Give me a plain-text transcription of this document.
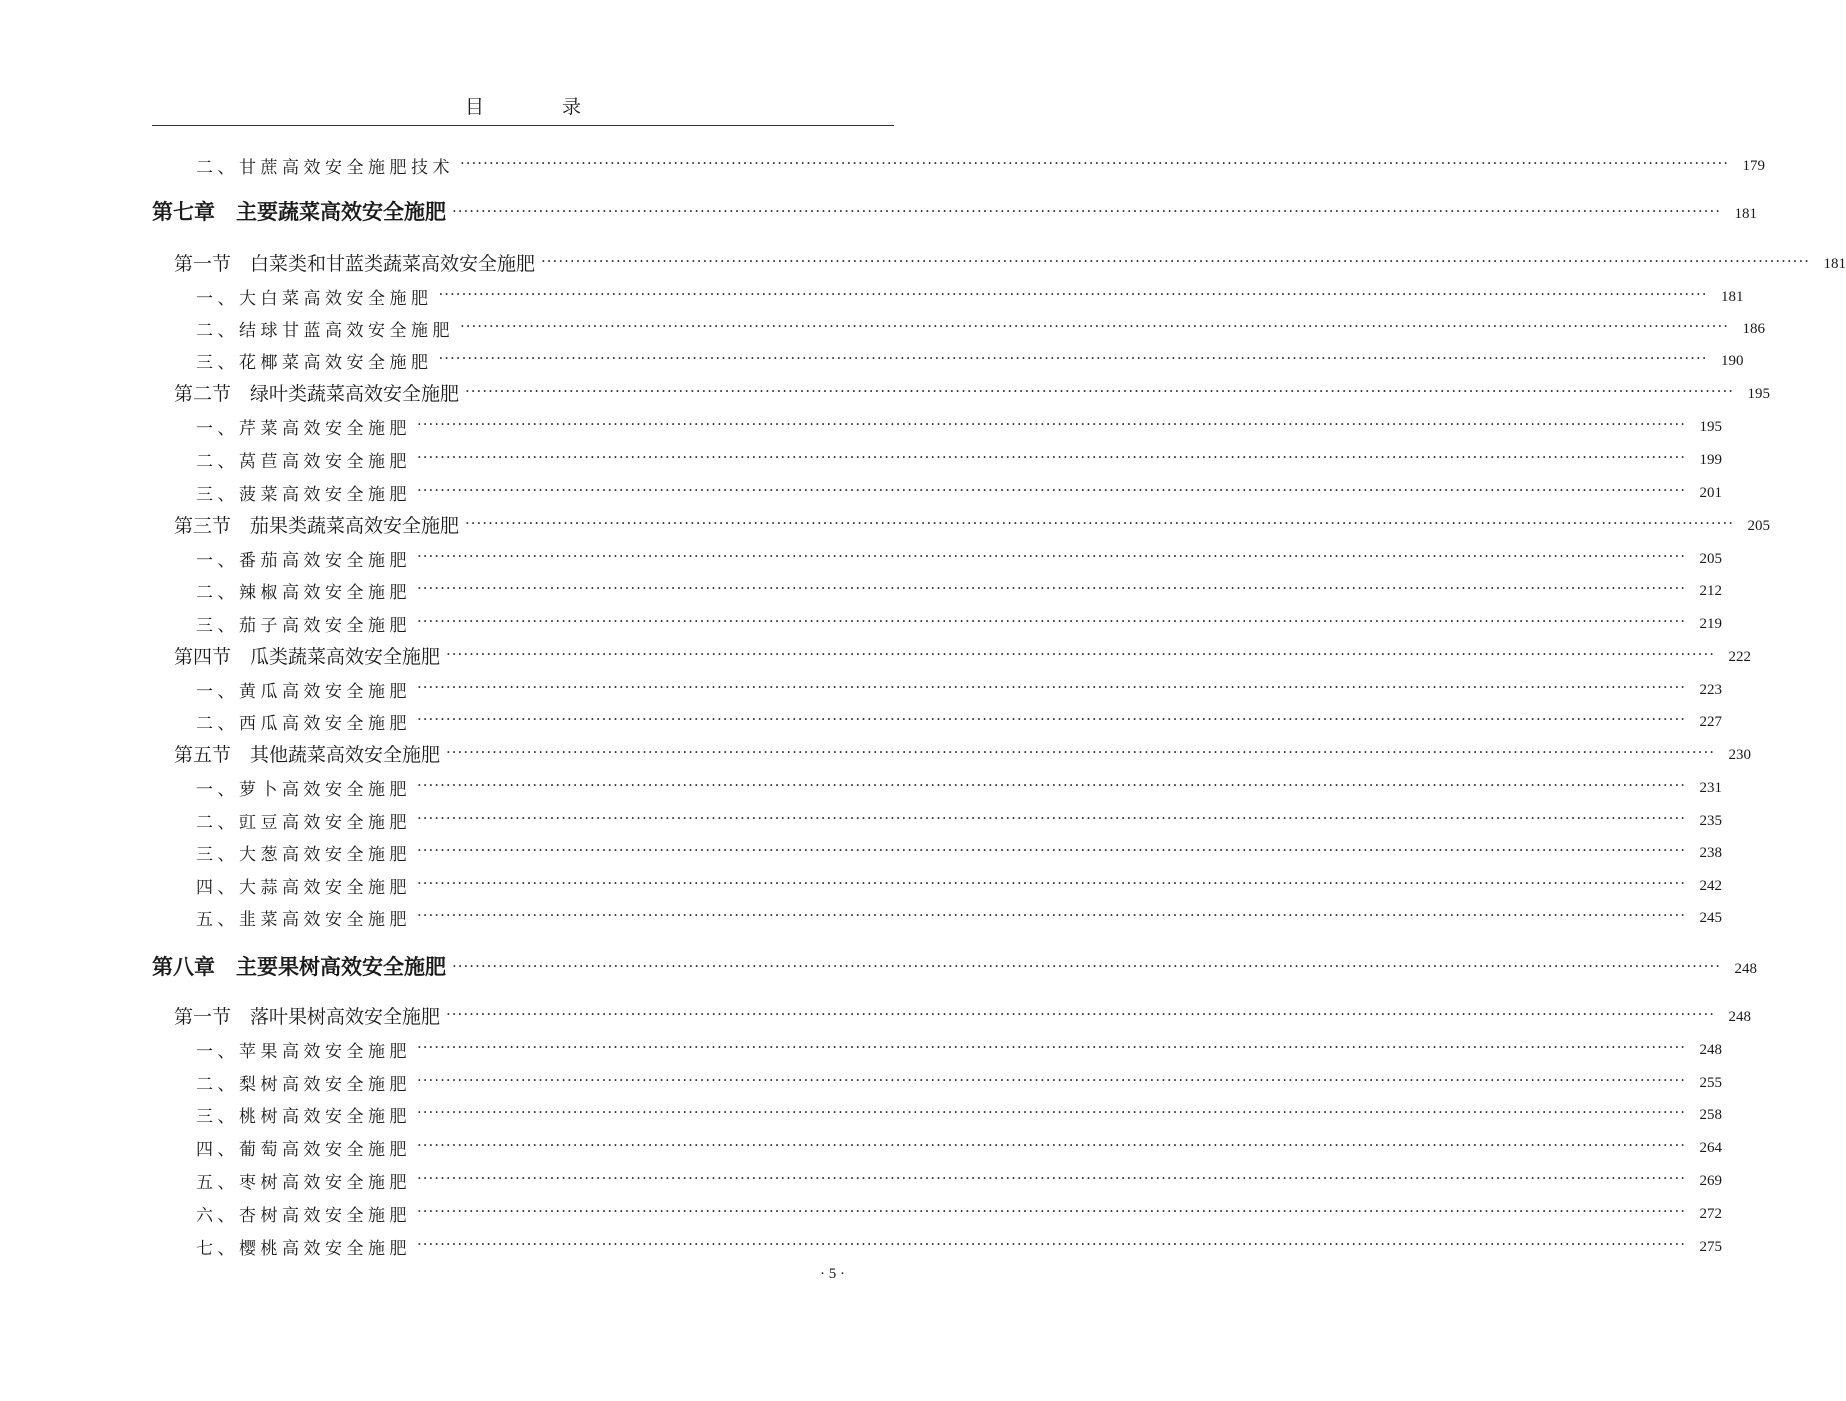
目 录
二、甘蔗高效安全施肥技术 ···························································································································································································································· 179
第七章　主要蔬菜高效安全施肥 ···························································································································································································································· 181
第一节　白菜类和甘蓝类蔬菜高效安全施肥 ···························································································································································································································· 181
一、大白菜高效安全施肥 ···························································································································································································································· 181
二、结球甘蓝高效安全施肥 ···························································································································································································································· 186
三、花椰菜高效安全施肥 ···························································································································································································································· 190
第二节　绿叶类蔬菜高效安全施肥 ···························································································································································································································· 195
一、芹菜高效安全施肥 ···························································································································································································································· 195
二、莴苣高效安全施肥 ···························································································································································································································· 199
三、菠菜高效安全施肥 ···························································································································································································································· 201
第三节　茄果类蔬菜高效安全施肥 ···························································································································································································································· 205
一、番茄高效安全施肥 ···························································································································································································································· 205
二、辣椒高效安全施肥 ···························································································································································································································· 212
三、茄子高效安全施肥 ···························································································································································································································· 219
第四节　瓜类蔬菜高效安全施肥 ···························································································································································································································· 222
一、黄瓜高效安全施肥 ···························································································································································································································· 223
二、西瓜高效安全施肥 ···························································································································································································································· 227
第五节　其他蔬菜高效安全施肥 ···························································································································································································································· 230
一、萝卜高效安全施肥 ···························································································································································································································· 231
二、豇豆高效安全施肥 ···························································································································································································································· 235
三、大葱高效安全施肥 ···························································································································································································································· 238
四、大蒜高效安全施肥 ···························································································································································································································· 242
五、韭菜高效安全施肥 ···························································································································································································································· 245
第八章　主要果树高效安全施肥 ···························································································································································································································· 248
第一节　落叶果树高效安全施肥 ···························································································································································································································· 248
一、苹果高效安全施肥 ···························································································································································································································· 248
二、梨树高效安全施肥 ···························································································································································································································· 255
三、桃树高效安全施肥 ···························································································································································································································· 258
四、葡萄高效安全施肥 ···························································································································································································································· 264
五、枣树高效安全施肥 ···························································································································································································································· 269
六、杏树高效安全施肥 ···························································································································································································································· 272
七、樱桃高效安全施肥 ···························································································································································································································· 275
· 5 ·
